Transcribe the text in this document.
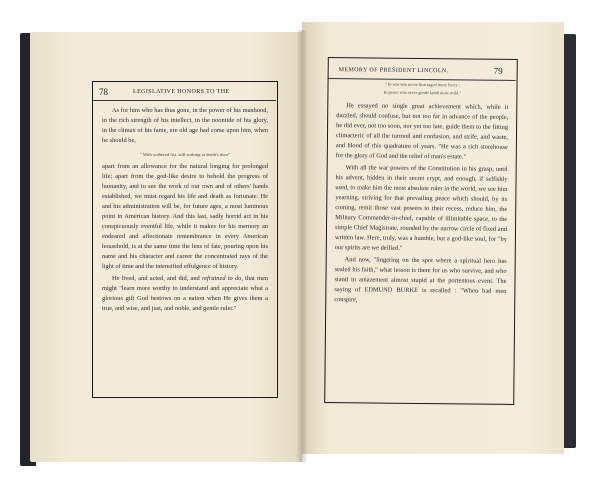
78	LEGISLATIVE HONORS TO THE

As for him who has thus gone, in the power of his manhood, in the rich strength of his intellect, in the noontide of his glory, in the climax of his fame, ere old age had come upon him, when he should be,

" With withered fist, still striking at death's door"

apart from an allowance for the natural longing for prolonged life; apart from the god-like desire to behold the progress of humanity, and to see the work of our own and of others' hands established, we must regard his life and death as fortunate. He and his administration will be, for future ages, a most luminous point in American history. And this last, sadly horrid act in his conspicuously eventful life, while it makes for his memory an endeared and affectionate remembrance in every American household, is at the same time the lens of fate, pouring upon his name and his character and career the concentrated rays of the light of time and the intensified effulgence of history.

He lived, and acted, and did, and refrained to do, that men might "learn more worthy to understand and appreciate what a glorious gift God bestows on a nation when He gives them a true, and wise, and just, and noble, and gentle ruler."

MEMORY OF PRESIDENT LINCOLN.	79

" In war was never lion raged more fierce ;

In peace was never gentle lamb more mild."

He essayed no single great achievement which, while it dazzled, should confuse, but not too far in advance of the people, he did ever, not too soon, nor yet too late, guide them to the fitting climacteric of all the turmoil and confusion, and strife, and waste, and blood of this quadrature of years. "He was a rich storehouse for the glory of God and the relief of man's estate."

With all the war powers of the Constitution in his grasp, until his advent, hidden in their secret crypt, and enough, if selfishly used, to make him the most absolute ruler in the world, we see him yearning, striving for that prevailing peace which should, by its coming, remit those vast powers to their recess, reduce him, the Military Commander-in-chief, capable of illimitable space, to the simple Chief Magistrate, rounded by the narrow circle of fixed and written law. Here, truly, was a humble, but a god-like soul, for "by our spirits are we deified."

And now, "lingering on the spot where a spiritual hero has sealed his faith," what lesson is there for us who survive, and who stand in amazement almost stupid at the portentous event. The saying of EDMUND BURKE is recalled : "When bad men conspire,
